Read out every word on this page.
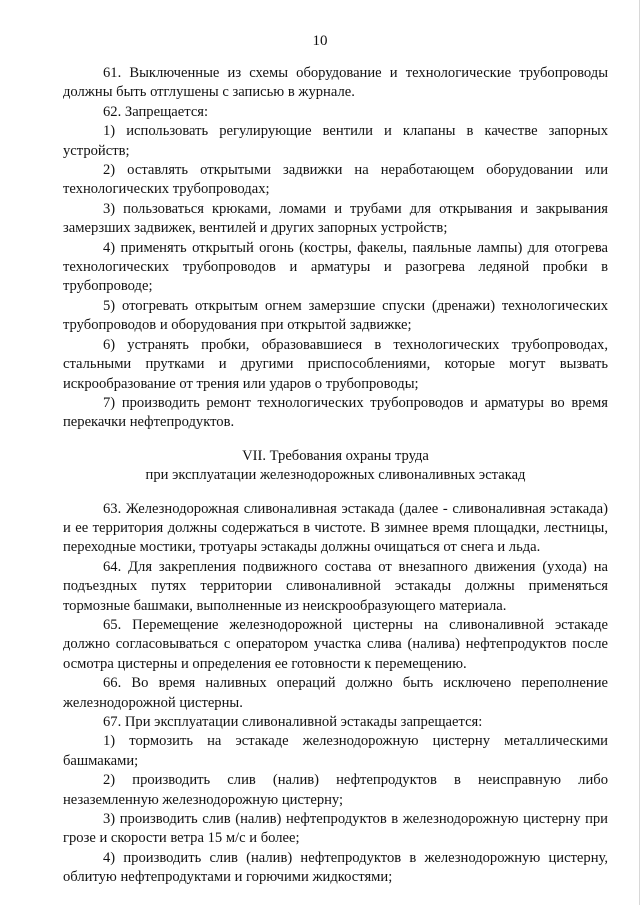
10

61. Выключенные из схемы оборудование и технологические трубопроводы должны быть отглушены с записью в журнале.

62. Запрещается:

1) использовать регулирующие вентили и клапаны в качестве запорных устройств;

2) оставлять открытыми задвижки на неработающем оборудовании или технологических трубопроводах;

3) пользоваться крюками, ломами и трубами для открывания и закрывания замерзших задвижек, вентилей и других запорных устройств;

4) применять открытый огонь (костры, факелы, паяльные лампы) для отогрева технологических трубопроводов и арматуры и разогрева ледяной пробки в трубопроводе;

5) отогревать открытым огнем замерзшие спуски (дренажи) технологических трубопроводов и оборудования при открытой задвижке;

6) устранять пробки, образовавшиеся в технологических трубопроводах, стальными прутками и другими приспособлениями, которые могут вызвать искрообразование от трения или ударов о трубопроводы;

7) производить ремонт технологических трубопроводов и арматуры во время перекачки нефтепродуктов.

VII. Требования охраны труда
при эксплуатации железнодорожных сливоналивных эстакад

63. Железнодорожная сливоналивная эстакада (далее - сливоналивная эстакада) и ее территория должны содержаться в чистоте. В зимнее время площадки, лестницы, переходные мостики, тротуары эстакады должны очищаться от снега и льда.

64. Для закрепления подвижного состава от внезапного движения (ухода) на подъездных путях территории сливоналивной эстакады должны применяться тормозные башмаки, выполненные из неискрообразующего материала.

65. Перемещение железнодорожной цистерны на сливоналивной эстакаде должно согласовываться с оператором участка слива (налива) нефтепродуктов после осмотра цистерны и определения ее готовности к перемещению.

66. Во время наливных операций должно быть исключено переполнение железнодорожной цистерны.

67. При эксплуатации сливоналивной эстакады запрещается:

1) тормозить на эстакаде железнодорожную цистерну металлическими башмаками;

2) производить слив (налив) нефтепродуктов в неисправную либо незаземленную железнодорожную цистерну;

3) производить слив (налив) нефтепродуктов в железнодорожную цистерну при грозе и скорости ветра 15 м/с и более;

4) производить слив (налив) нефтепродуктов в железнодорожную цистерну, облитую нефтепродуктами и горючими жидкостями;
